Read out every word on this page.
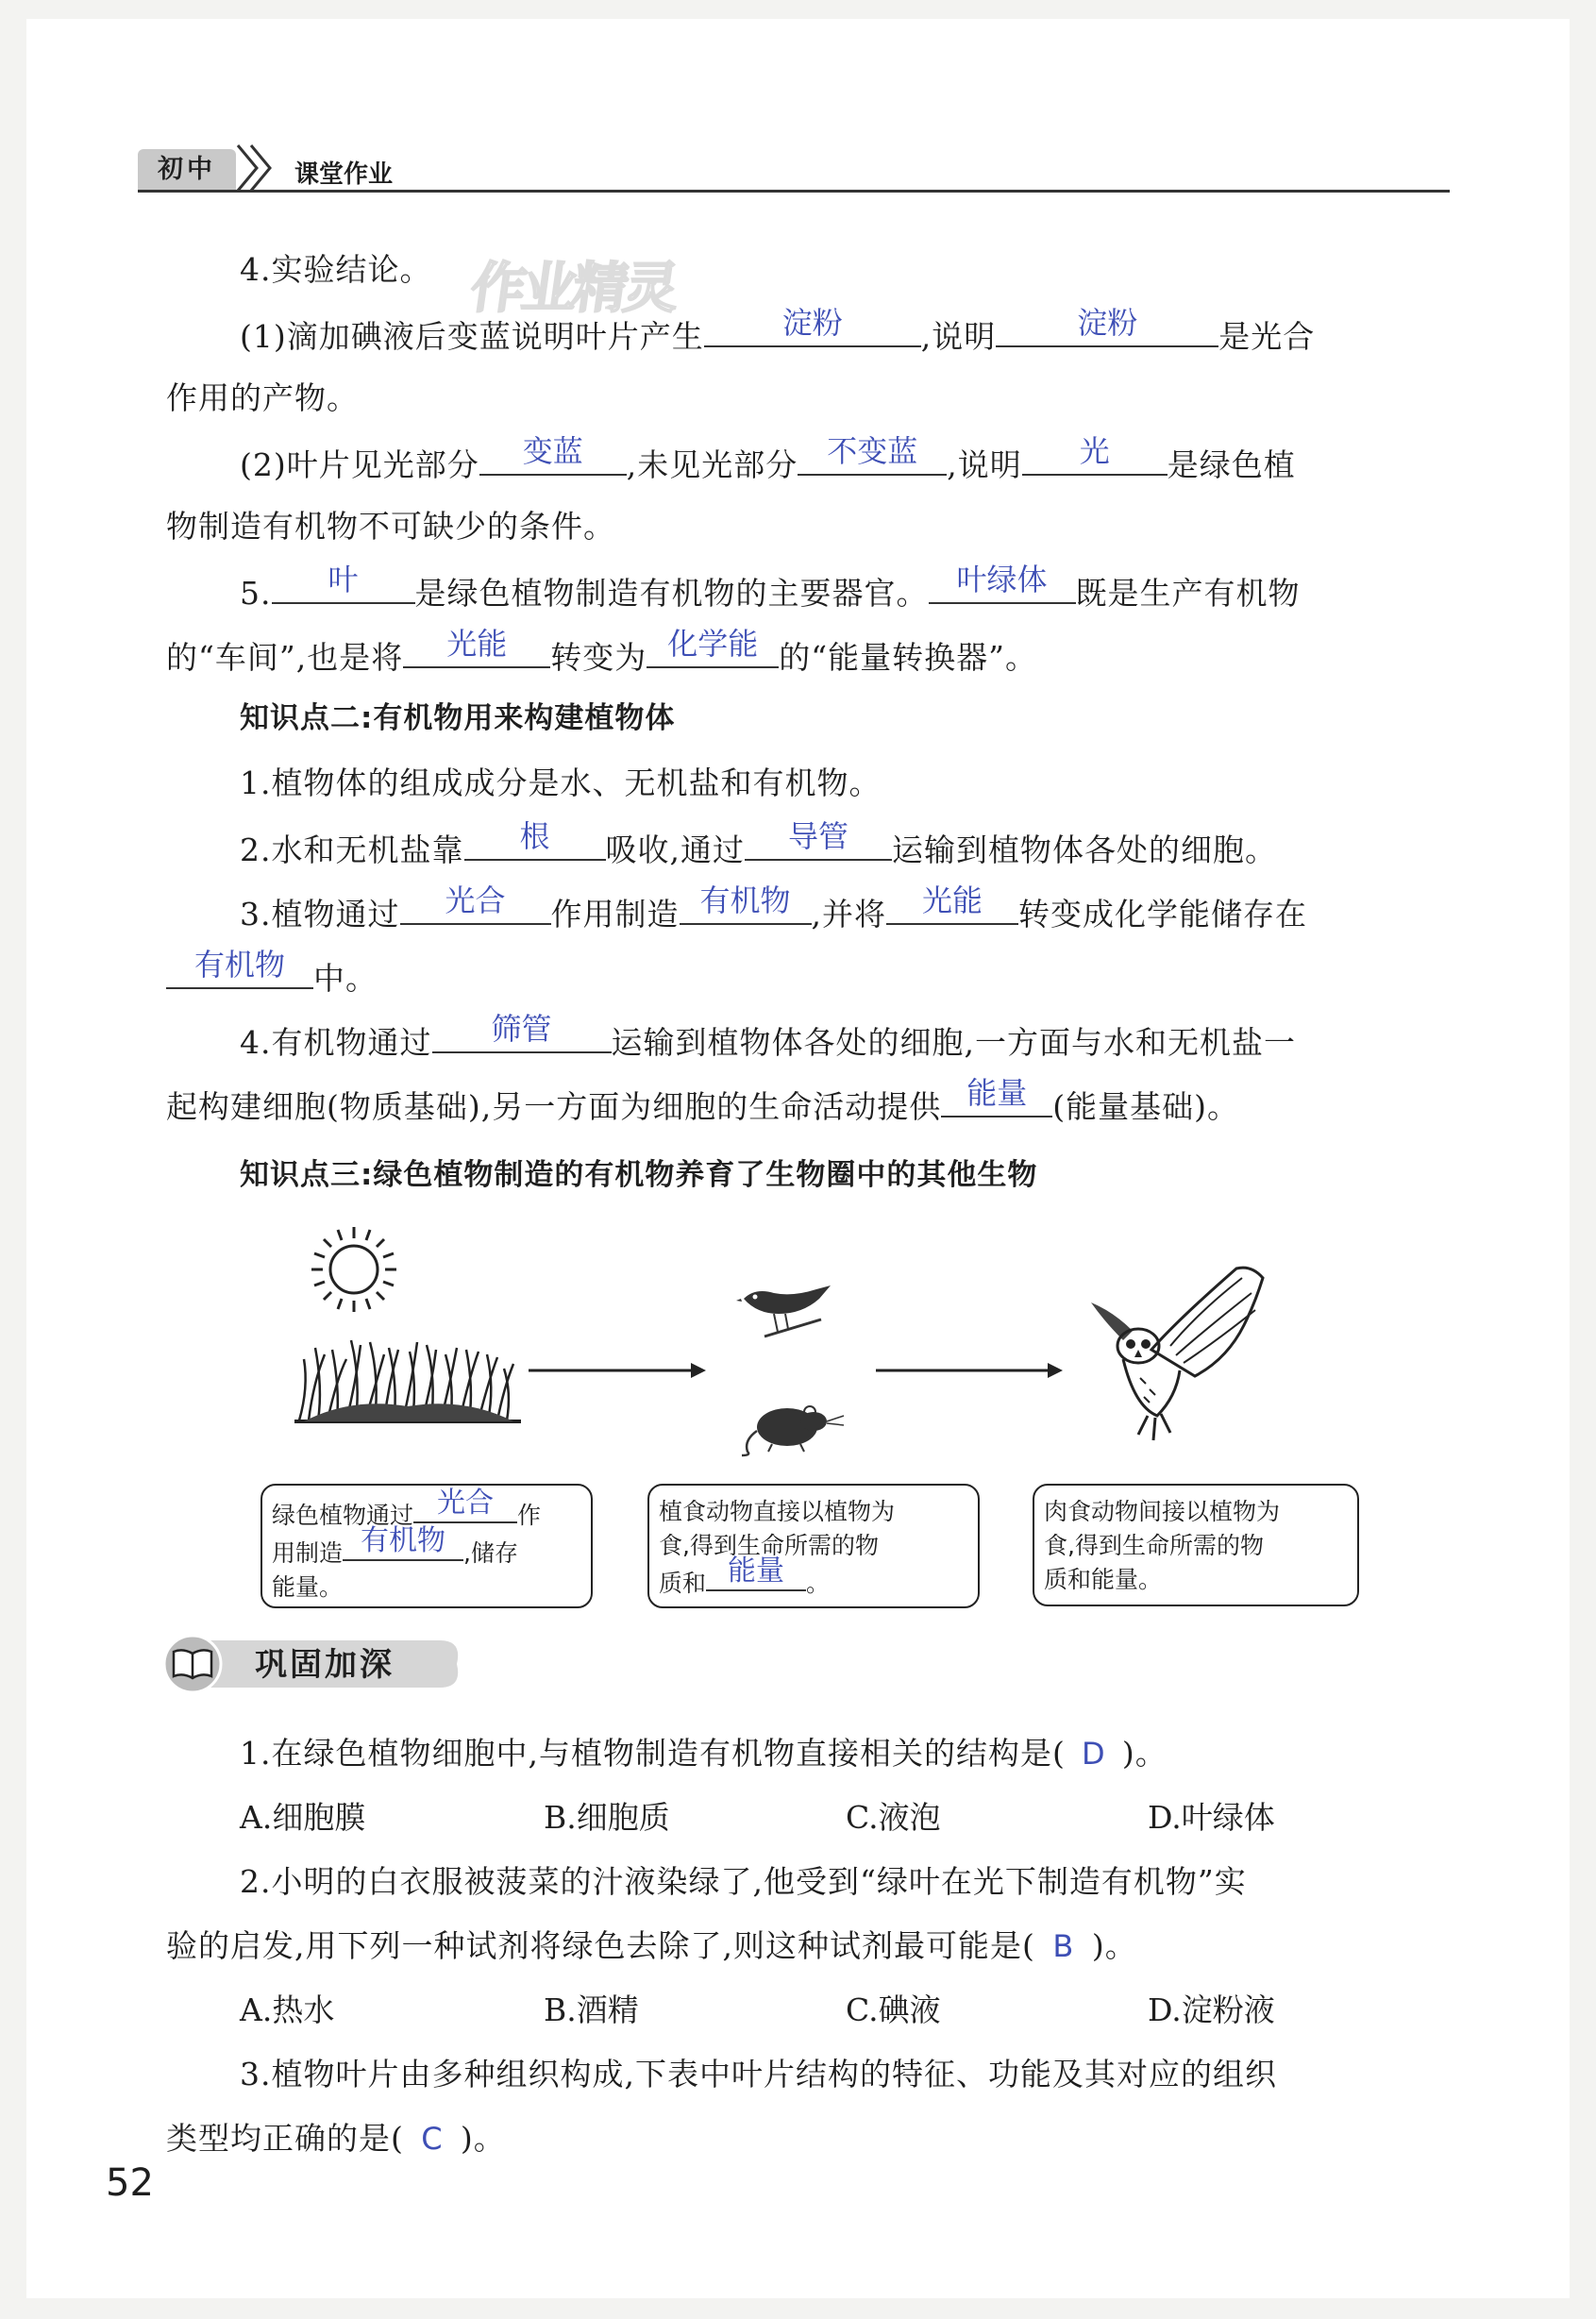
初中	课堂作业
作业精灵
4.实验结论。
(1)滴加碘液后变蓝说明叶片产生	淀粉	,说明	淀粉	是光合
作用的产物。
(2)叶片见光部分	变蓝	,未见光部分 不变蓝 ,说明	光	是绿色植
物制造有机物不可缺少的条件。
5.	叶	是绿色植物制造有机物的主要器官。 叶绿体 既是生产有机物
的“车间”,也是将	光能	转变为 化学能 的“能量转换器”。
知识点二:有机物用来构建植物体
1.植物体的组成成分是水、无机盐和有机物。
2.水和无机盐靠	根	吸收,通过	导管	运输到植物体各处的细胞。
3.植物通过	光合	作用制造 有机物 ,并将	光能	转变成化学能储存在
有机物 中。
4.有机物通过	筛管	运输到植物体各处的细胞,一方面与水和无机盐一
起构建细胞(物质基础),另一方面为细胞的生命活动提供 能量 (能量基础)。
知识点三:绿色植物制造的有机物养育了生物圈中的其他生物
绿色植物通过 光合	作
用制造 有机物 ,储存
能量。
植食动物直接以植物为
食,得到生命所需的物
质和 能量 。
肉食动物间接以植物为
食,得到生命所需的物
质和能量。
巩固加深
1.在绿色植物细胞中,与植物制造有机物直接相关的结构是( D )。
A.细胞膜	B.细胞质	C.液泡	D.叶绿体
2.小明的白衣服被菠菜的汁液染绿了,他受到“绿叶在光下制造有机物”实
验的启发,用下列一种试剂将绿色去除了,则这种试剂最可能是( B )。
A.热水	B.酒精	C.碘液	D.淀粉液
3.植物叶片由多种组织构成,下表中叶片结构的特征、功能及其对应的组织
类型均正确的是( C )。
52
